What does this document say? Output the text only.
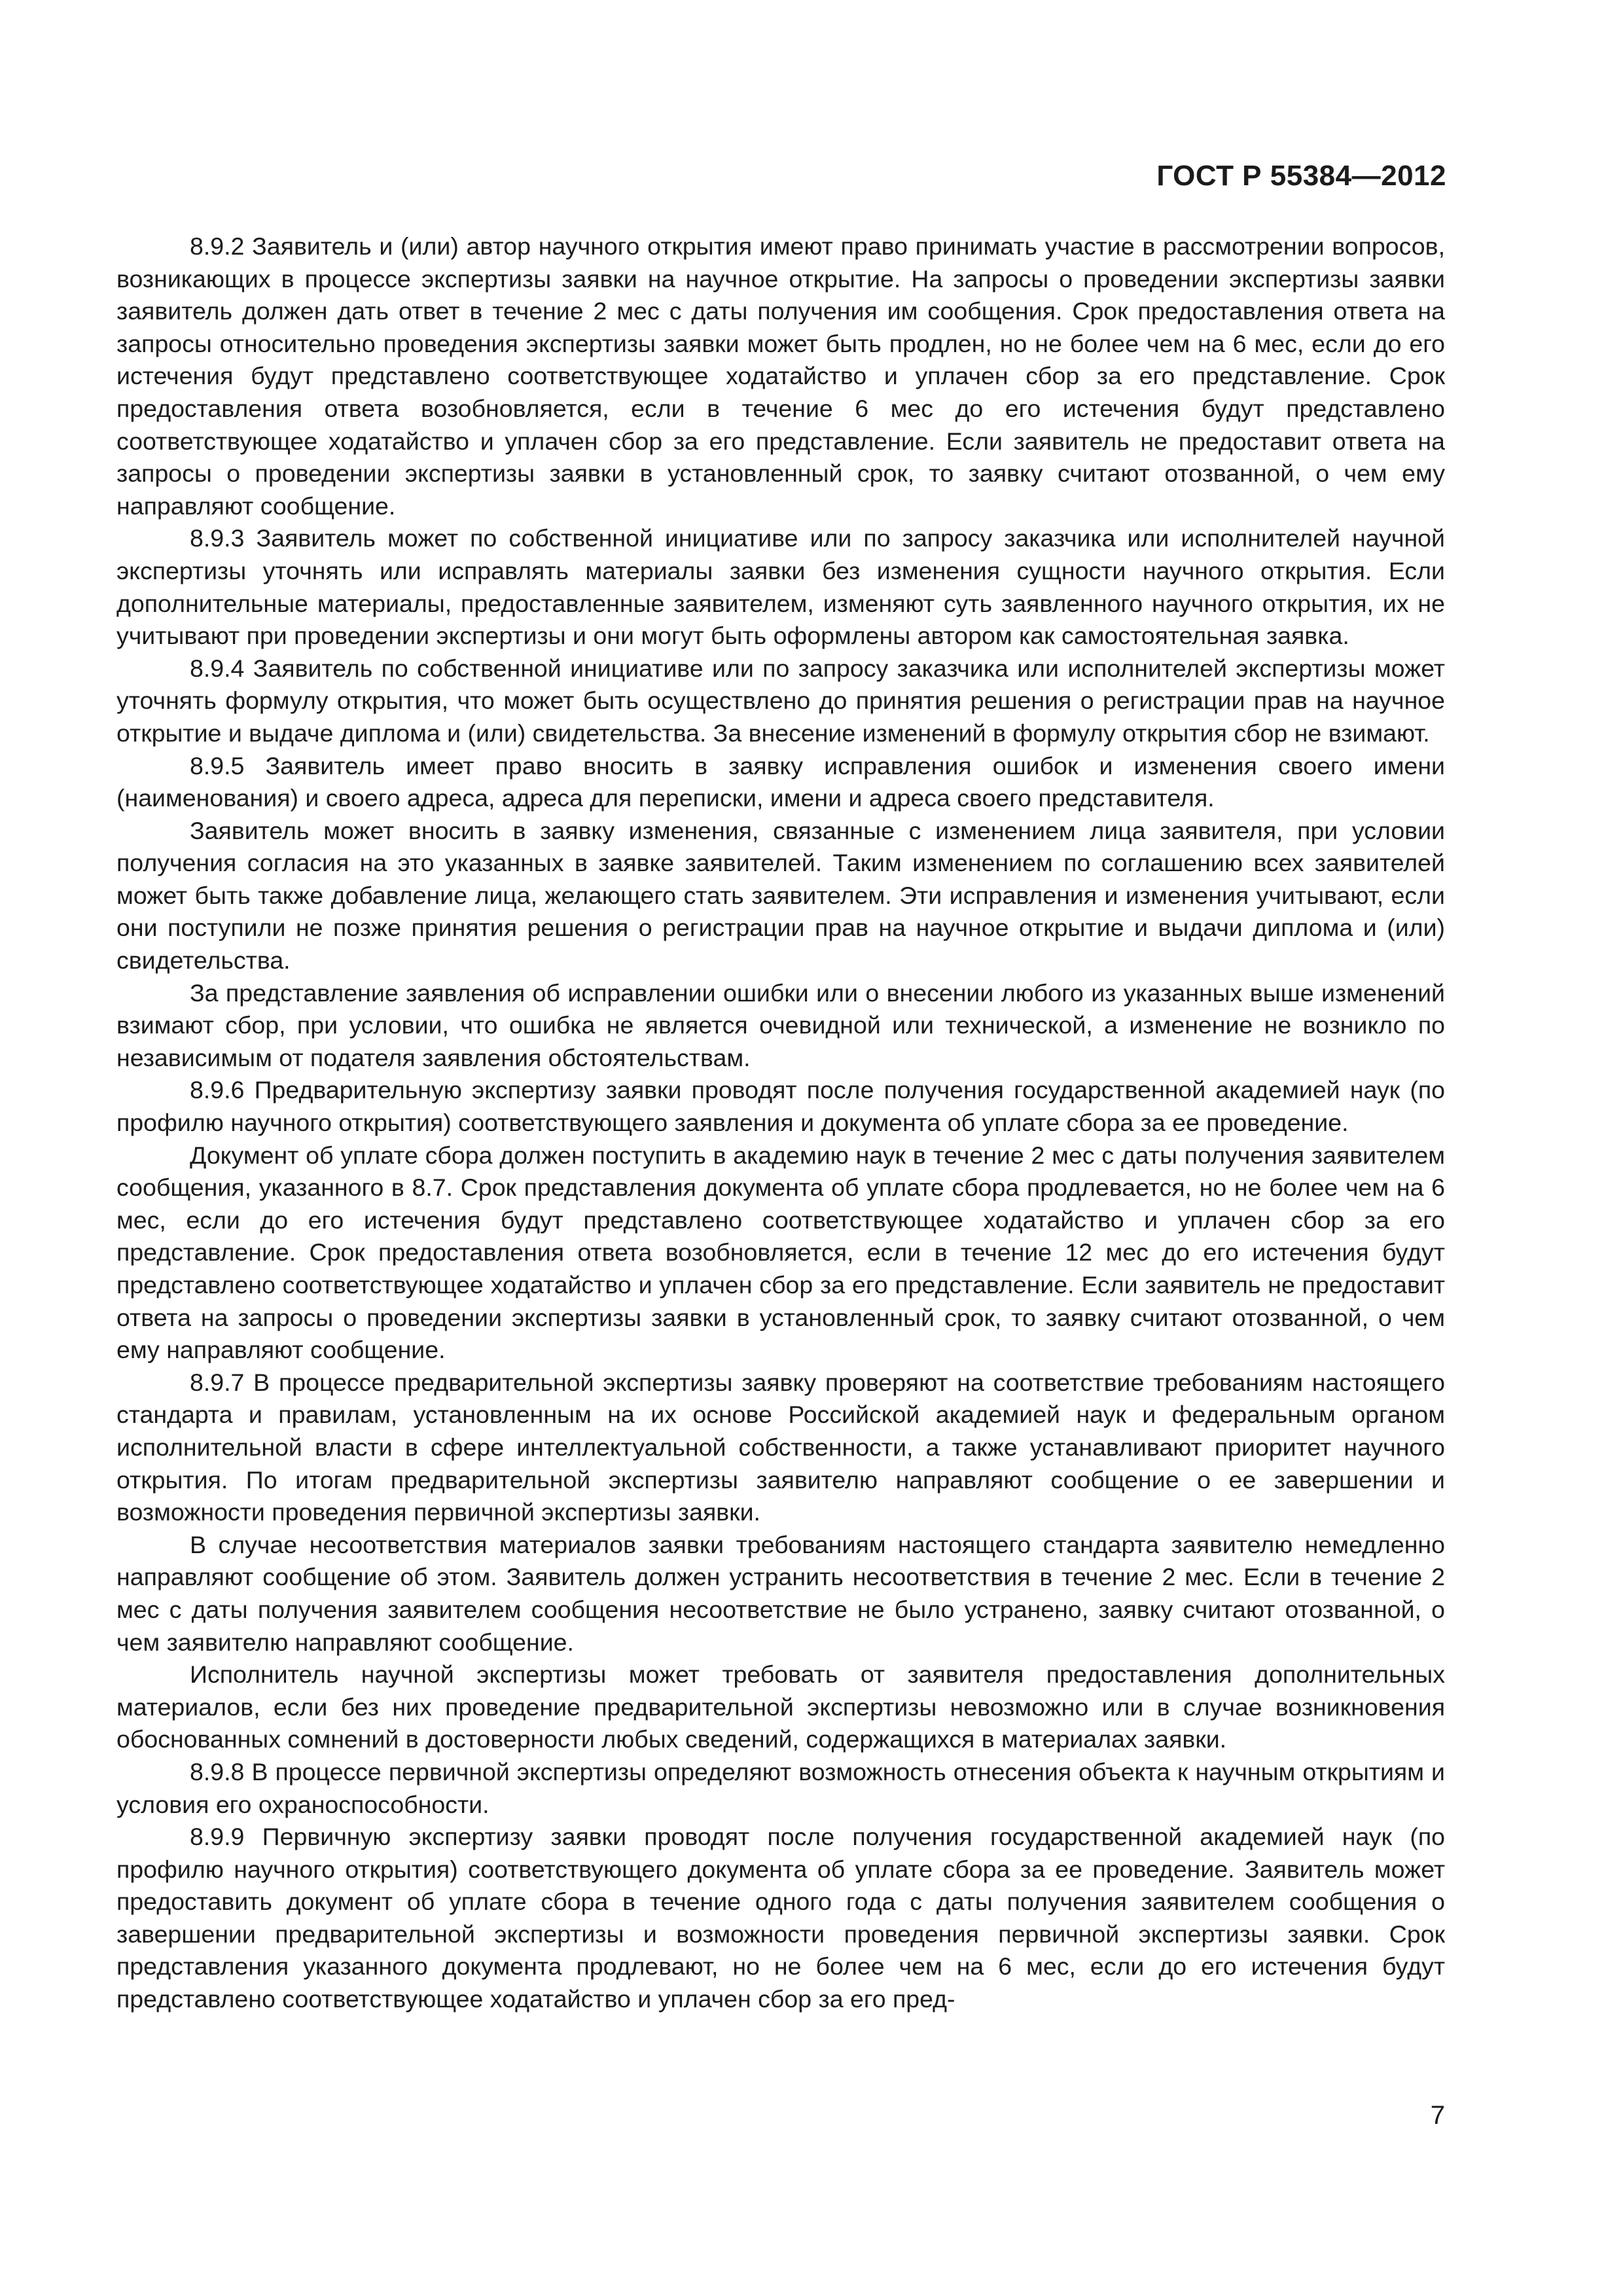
ГОСТ Р 55384—2012

8.9.2 Заявитель и (или) автор научного открытия имеют право принимать участие в рассмотрении вопросов, возникающих в процессе экспертизы заявки на научное открытие. На запросы о проведении экспертизы заявки заявитель должен дать ответ в течение 2 мес с даты получения им сообщения. Срок предоставления ответа на запросы относительно проведения экспертизы заявки может быть продлен, но не более чем на 6 мес, если до его истечения будут представлено соответствующее ходатайство и уплачен сбор за его представление. Срок предоставления ответа возобновляется, если в течение 6 мес до его истечения будут представлено соответствующее ходатайство и уплачен сбор за его представление. Если заявитель не предоставит ответа на запросы о проведении экспертизы заявки в установленный срок, то заявку считают отозванной, о чем ему направляют сообщение.

8.9.3 Заявитель может по собственной инициативе или по запросу заказчика или исполнителей научной экспертизы уточнять или исправлять материалы заявки без изменения сущности научного открытия. Если дополнительные материалы, предоставленные заявителем, изменяют суть заявленного научного открытия, их не учитывают при проведении экспертизы и они могут быть оформлены автором как самостоятельная заявка.

8.9.4 Заявитель по собственной инициативе или по запросу заказчика или исполнителей экспертизы может уточнять формулу открытия, что может быть осуществлено до принятия решения о регистрации прав на научное открытие и выдаче диплома и (или) свидетельства. За внесение изменений в формулу открытия сбор не взимают.

8.9.5 Заявитель имеет право вносить в заявку исправления ошибок и изменения своего имени (наименования) и своего адреса, адреса для переписки, имени и адреса своего представителя.

Заявитель может вносить в заявку изменения, связанные с изменением лица заявителя, при условии получения согласия на это указанных в заявке заявителей. Таким изменением по соглашению всех заявителей может быть также добавление лица, желающего стать заявителем. Эти исправления и изменения учитывают, если они поступили не позже принятия решения о регистрации прав на научное открытие и выдачи диплома и (или) свидетельства.

За представление заявления об исправлении ошибки или о внесении любого из указанных выше изменений взимают сбор, при условии, что ошибка не является очевидной или технической, а изменение не возникло по независимым от подателя заявления обстоятельствам.

8.9.6 Предварительную экспертизу заявки проводят после получения государственной академией наук (по профилю научного открытия) соответствующего заявления и документа об уплате сбора за ее проведение.

Документ об уплате сбора должен поступить в академию наук в течение 2 мес с даты получения заявителем сообщения, указанного в 8.7. Срок представления документа об уплате сбора продлевается, но не более чем на 6 мес, если до его истечения будут представлено соответствующее ходатайство и уплачен сбор за его представление. Срок предоставления ответа возобновляется, если в течение 12 мес до его истечения будут представлено соответствующее ходатайство и уплачен сбор за его представление. Если заявитель не предоставит ответа на запросы о проведении экспертизы заявки в установленный срок, то заявку считают отозванной, о чем ему направляют сообщение.

8.9.7 В процессе предварительной экспертизы заявку проверяют на соответствие требованиям настоящего стандарта и правилам, установленным на их основе Российской академией наук и федеральным органом исполнительной власти в сфере интеллектуальной собственности, а также устанавливают приоритет научного открытия. По итогам предварительной экспертизы заявителю направляют сообщение о ее завершении и возможности проведения первичной экспертизы заявки.

В случае несоответствия материалов заявки требованиям настоящего стандарта заявителю немедленно направляют сообщение об этом. Заявитель должен устранить несоответствия в течение 2 мес. Если в течение 2 мес с даты получения заявителем сообщения несоответствие не было устранено, заявку считают отозванной, о чем заявителю направляют сообщение.

Исполнитель научной экспертизы может требовать от заявителя предоставления дополнительных материалов, если без них проведение предварительной экспертизы невозможно или в случае возникновения обоснованных сомнений в достоверности любых сведений, содержащихся в материалах заявки.

8.9.8 В процессе первичной экспертизы определяют возможность отнесения объекта к научным открытиям и условия его охраноспособности.

8.9.9 Первичную экспертизу заявки проводят после получения государственной академией наук (по профилю научного открытия) соответствующего документа об уплате сбора за ее проведение. Заявитель может предоставить документ об уплате сбора в течение одного года с даты получения заявителем сообщения о завершении предварительной экспертизы и возможности проведения первичной экспертизы заявки. Срок представления указанного документа продлевают, но не более чем на 6 мес, если до его истечения будут представлено соответствующее ходатайство и уплачен сбор за его пред-

7
